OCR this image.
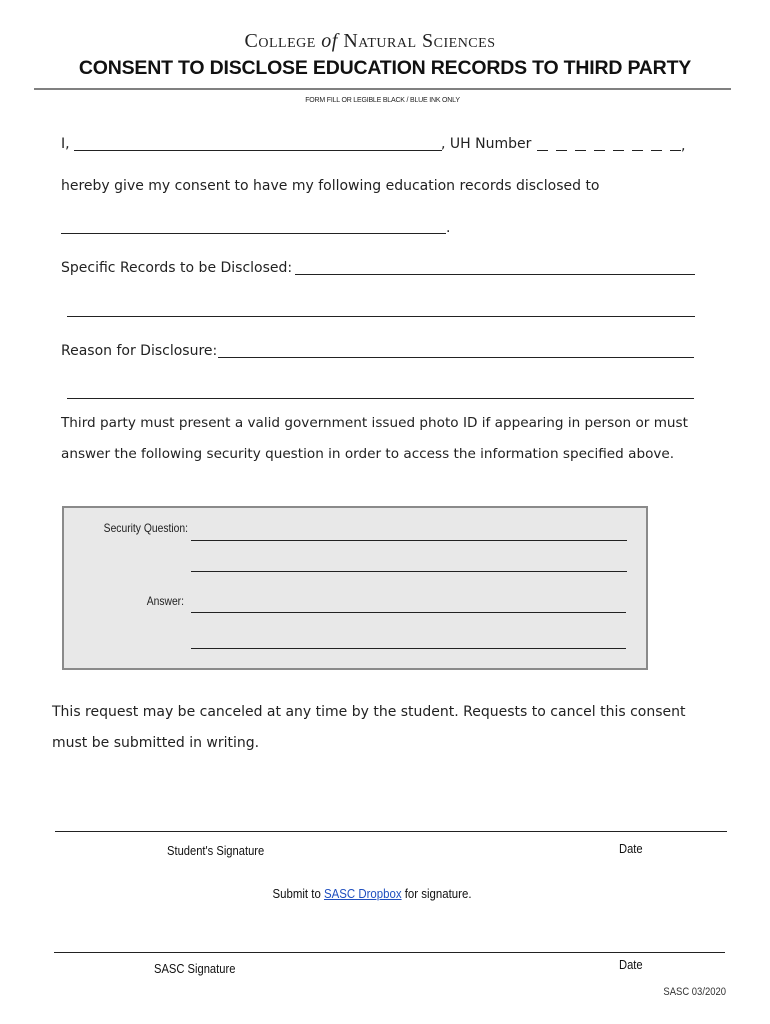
College of Natural Sciences
CONSENT TO DISCLOSE EDUCATION RECORDS TO THIRD PARTY
FORM FILL OR LEGIBLE BLACK / BLUE INK ONLY
I,	, UH Number	,
hereby give my consent to have my following education records disclosed to
.
Specific Records to be Disclosed:
Reason for Disclosure:
Third party must present a valid government issued photo ID if appearing in person or must
answer the following security question in order to access the information specified above.
Security Question:
Answer:
This request may be canceled at any time by the student. Requests to cancel this consent
must be submitted in writing.
Student's Signature	Date
Submit to SASC Dropbox for signature.
SASC Signature	Date
SASC 03/2020
